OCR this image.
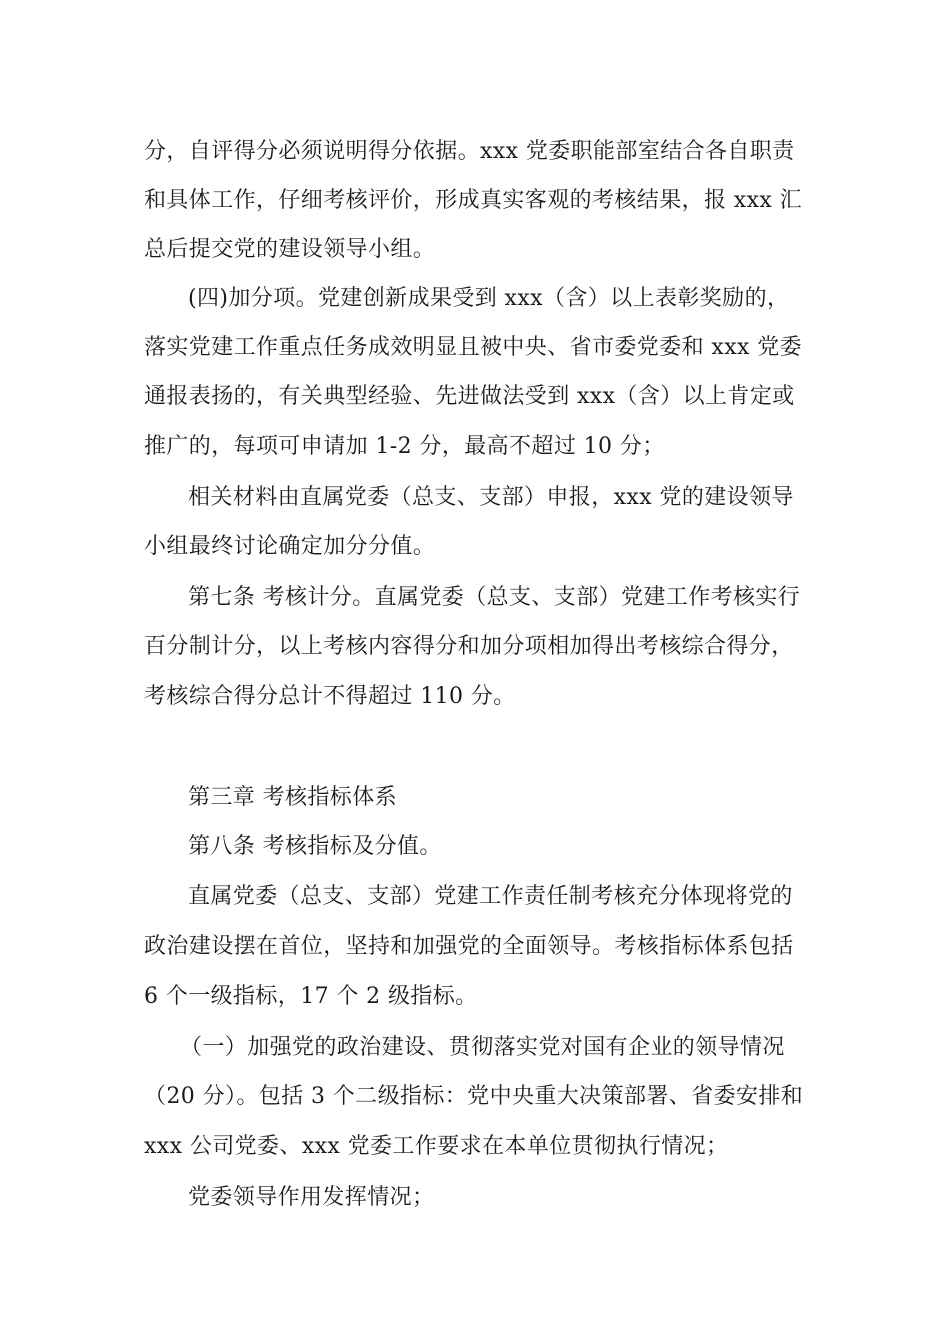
分，自评得分必须说明得分依据。xxx 党委职能部室结合各自职责
和具体工作，仔细考核评价，形成真实客观的考核结果，报 xxx 汇
总后提交党的建设领导小组。
(四)加分项。党建创新成果受到 xxx（含）以上表彰奖励的，
落实党建工作重点任务成效明显且被中央、省市委党委和 xxx 党委
通报表扬的，有关典型经验、先进做法受到 xxx（含）以上肯定或
推广的，每项可申请加 1-2 分，最高不超过 10 分；
相关材料由直属党委（总支、支部）申报，xxx 党的建设领导
小组最终讨论确定加分分值。
第七条 考核计分。直属党委（总支、支部）党建工作考核实行
百分制计分，以上考核内容得分和加分项相加得出考核综合得分，
考核综合得分总计不得超过 110 分。
第三章 考核指标体系
第八条 考核指标及分值。
直属党委（总支、支部）党建工作责任制考核充分体现将党的
政治建设摆在首位，坚持和加强党的全面领导。考核指标体系包括
6 个一级指标，17 个 2 级指标。
（一）加强党的政治建设、贯彻落实党对国有企业的领导情况
（20 分）。包括 3 个二级指标：党中央重大决策部署、省委安排和
xxx 公司党委、xxx 党委工作要求在本单位贯彻执行情况；
党委领导作用发挥情况；
